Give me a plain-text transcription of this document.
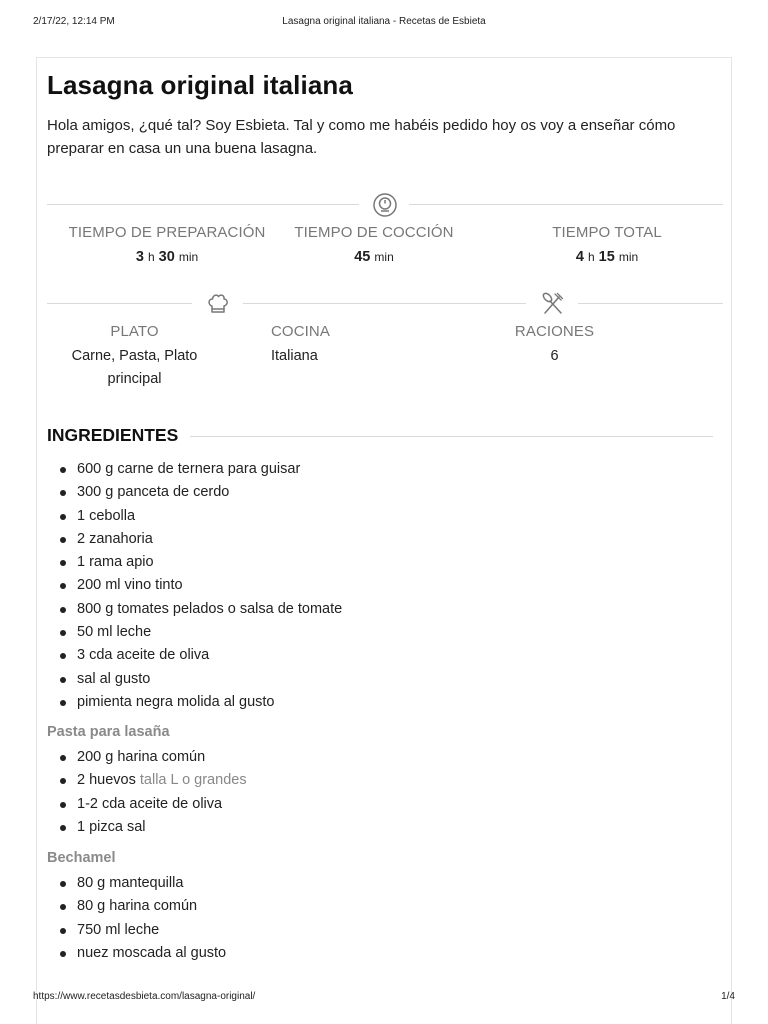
2/17/22, 12:14 PM	Lasagna original italiana - Recetas de Esbieta
Lasagna original italiana
Hola amigos, ¿qué tal? Soy Esbieta. Tal y como me habéis pedido hoy os voy a enseñar cómo preparar en casa un una buena lasagna.
TIEMPO DE PREPARACIÓN
3 h 30 min
TIEMPO DE COCCIÓN
45 min
TIEMPO TOTAL
4 h 15 min
PLATO
Carne, Pasta, Plato principal
COCINA
Italiana
RACIONES
6
INGREDIENTES
600 g carne de ternera para guisar
300 g panceta de cerdo
1 cebolla
2 zanahoria
1 rama apio
200 ml vino tinto
800 g tomates pelados o salsa de tomate
50 ml leche
3 cda aceite de oliva
sal al gusto
pimienta negra molida al gusto
Pasta para lasaña
200 g harina común
2 huevos talla L o grandes
1-2 cda aceite de oliva
1 pizca sal
Bechamel
80 g mantequilla
80 g harina común
750 ml leche
nuez moscada al gusto
https://www.recetasdesbieta.com/lasagna-original/	1/4
